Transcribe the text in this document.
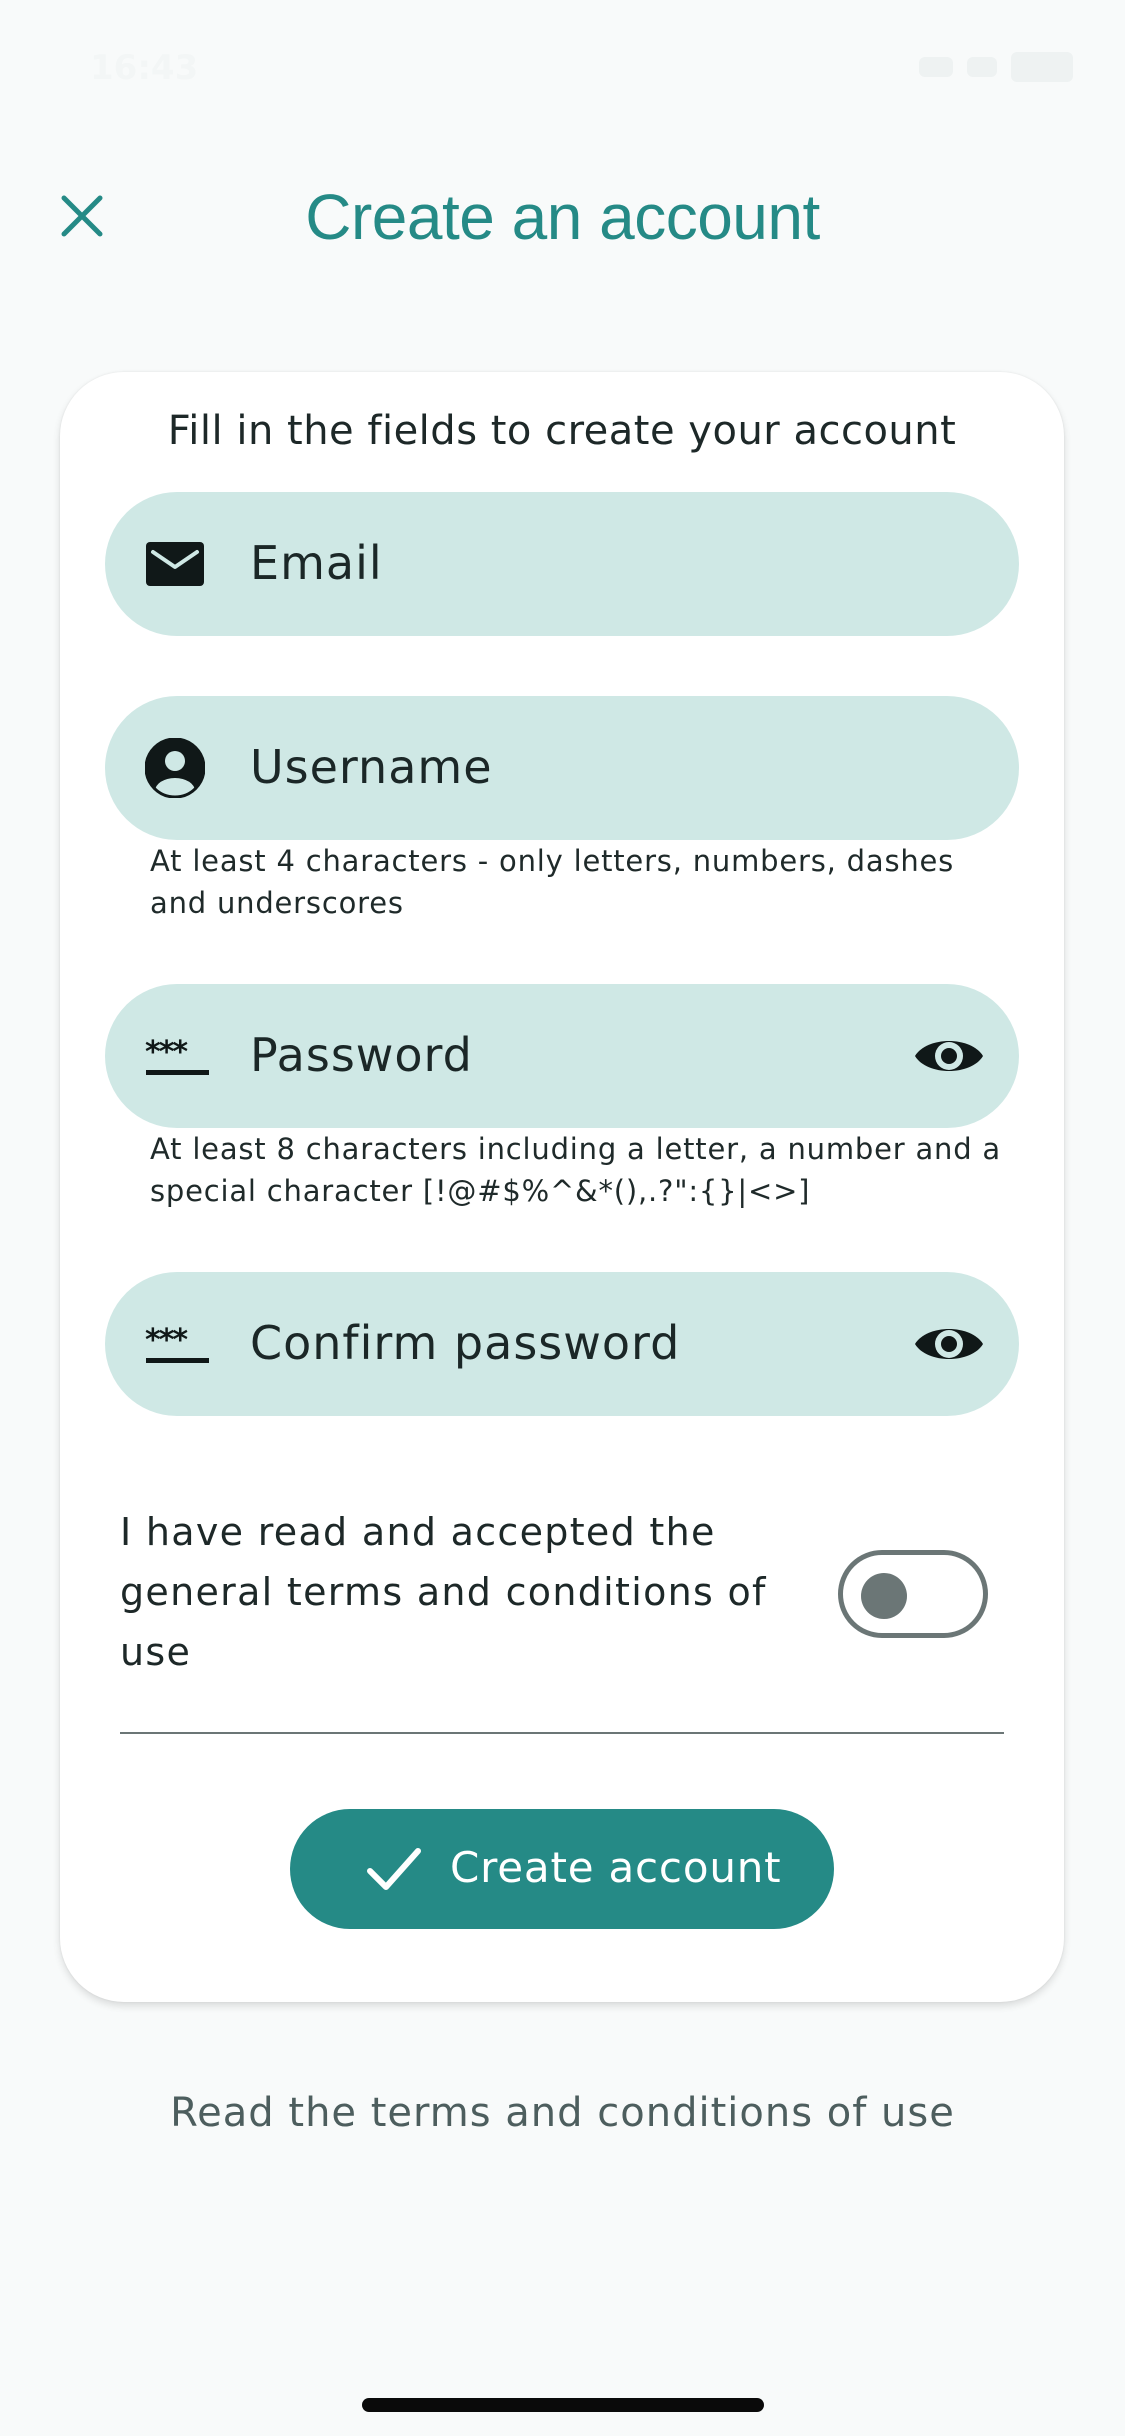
16:43
Create an account
Fill in the fields to create your account
Email
Username
At least 4 characters - only letters, numbers, dashes and underscores
*** Password
At least 8 characters including a letter, a number and a special character [!@#$%^&*(),.?":{}|<>]
*** Confirm password
I have read and accepted the general terms and conditions of use
Create account
Read the terms and conditions of use
